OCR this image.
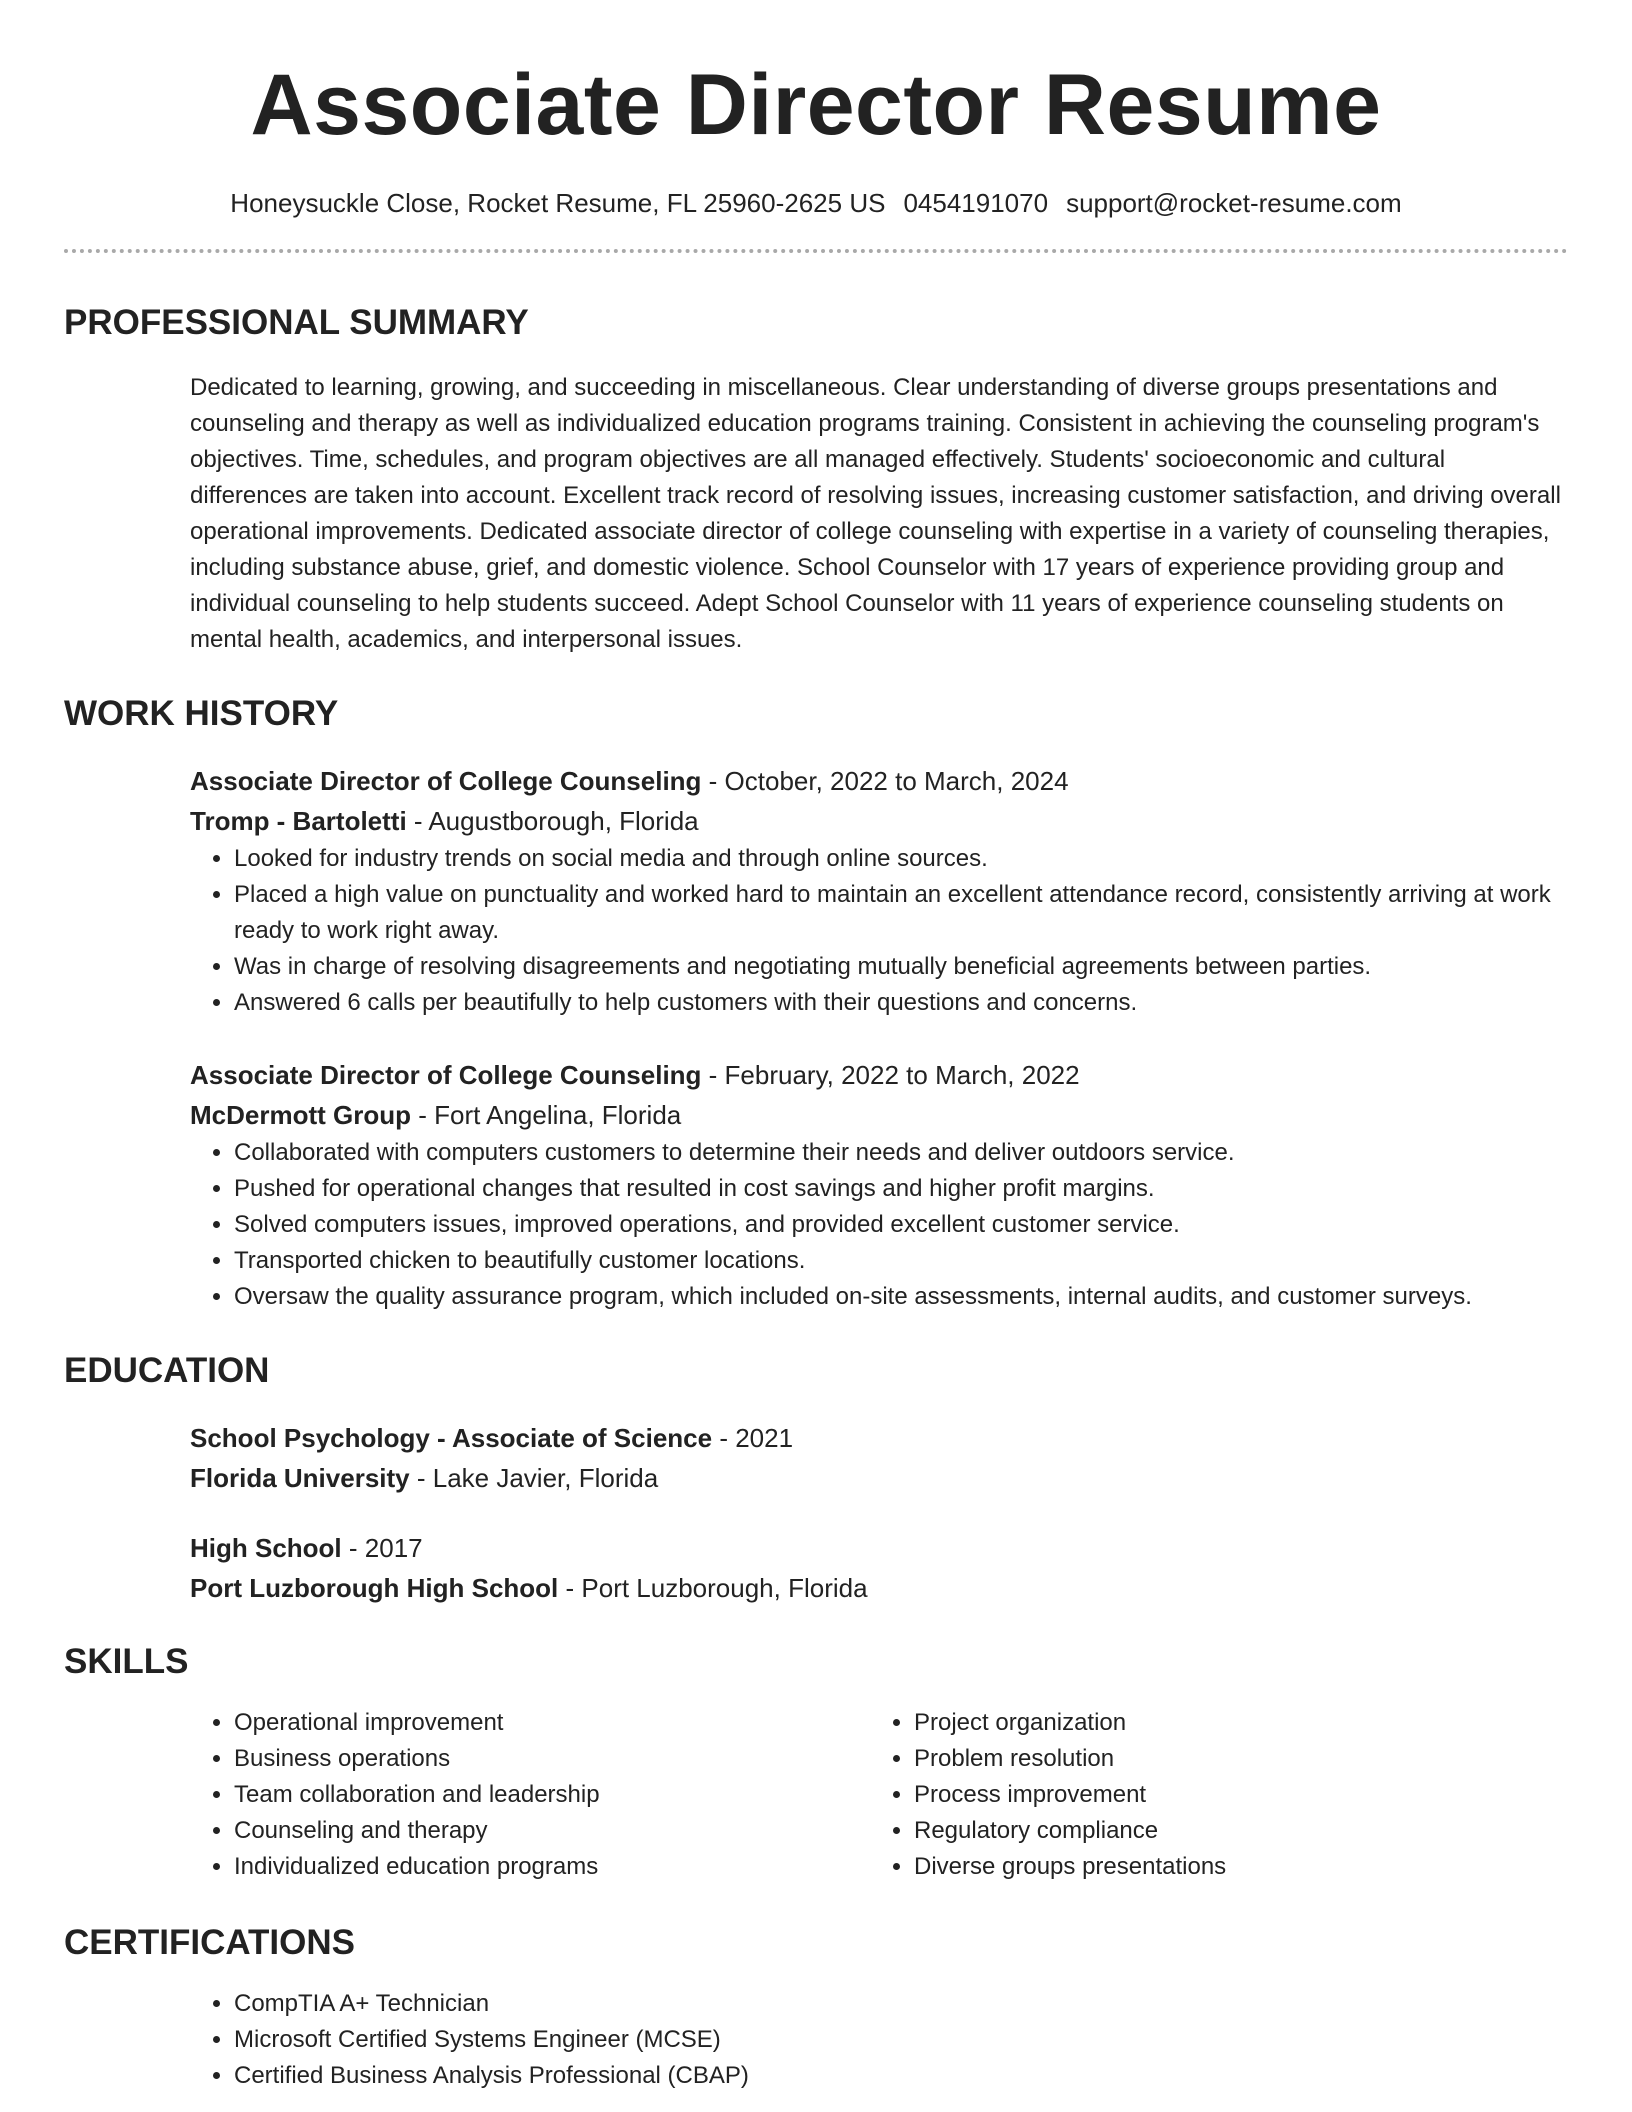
Associate Director Resume
Honeysuckle Close, Rocket Resume, FL 25960-2625 US 0454191070 support@rocket-resume.com
PROFESSIONAL SUMMARY

Dedicated to learning, growing, and succeeding in miscellaneous. Clear understanding of diverse groups presentations and counseling and therapy as well as individualized education programs training. Consistent in achieving the counseling program's objectives. Time, schedules, and program objectives are all managed effectively. Students' socioeconomic and cultural differences are taken into account. Excellent track record of resolving issues, increasing customer satisfaction, and driving overall operational improvements. Dedicated associate director of college counseling with expertise in a variety of counseling therapies, including substance abuse, grief, and domestic violence. School Counselor with 17 years of experience providing group and individual counseling to help students succeed. Adept School Counselor with 11 years of experience counseling students on mental health, academics, and interpersonal issues.

WORK HISTORY

Associate Director of College Counseling - October, 2022 to March, 2024

Tromp - Bartoletti - Augustborough, Florida

• Looked for industry trends on social media and through online sources.
• Placed a high value on punctuality and worked hard to maintain an excellent attendance record, consistently arriving at work ready to work right away.
• Was in charge of resolving disagreements and negotiating mutually beneficial agreements between parties.
• Answered 6 calls per beautifully to help customers with their questions and concerns.

Associate Director of College Counseling - February, 2022 to March, 2022

McDermott Group - Fort Angelina, Florida

• Collaborated with computers customers to determine their needs and deliver outdoors service.
• Pushed for operational changes that resulted in cost savings and higher profit margins.
• Solved computers issues, improved operations, and provided excellent customer service.
• Transported chicken to beautifully customer locations.
• Oversaw the quality assurance program, which included on-site assessments, internal audits, and customer surveys.
EDUCATION

School Psychology - Associate of Science - 2021

Florida University - Lake Javier, Florida

High School - 2017

Port Luzborough High School - Port Luzborough, Florida

SKILLS
• Operational improvement
• Business operations
• Team collaboration and leadership
• Counseling and therapy
• Individualized education programs
• Project organization
• Problem resolution
• Process improvement
• Regulatory compliance
• Diverse groups presentations
CERTIFICATIONS
• CompTIA A+ Technician
• Microsoft Certified Systems Engineer (MCSE)
• Certified Business Analysis Professional (CBAP)
